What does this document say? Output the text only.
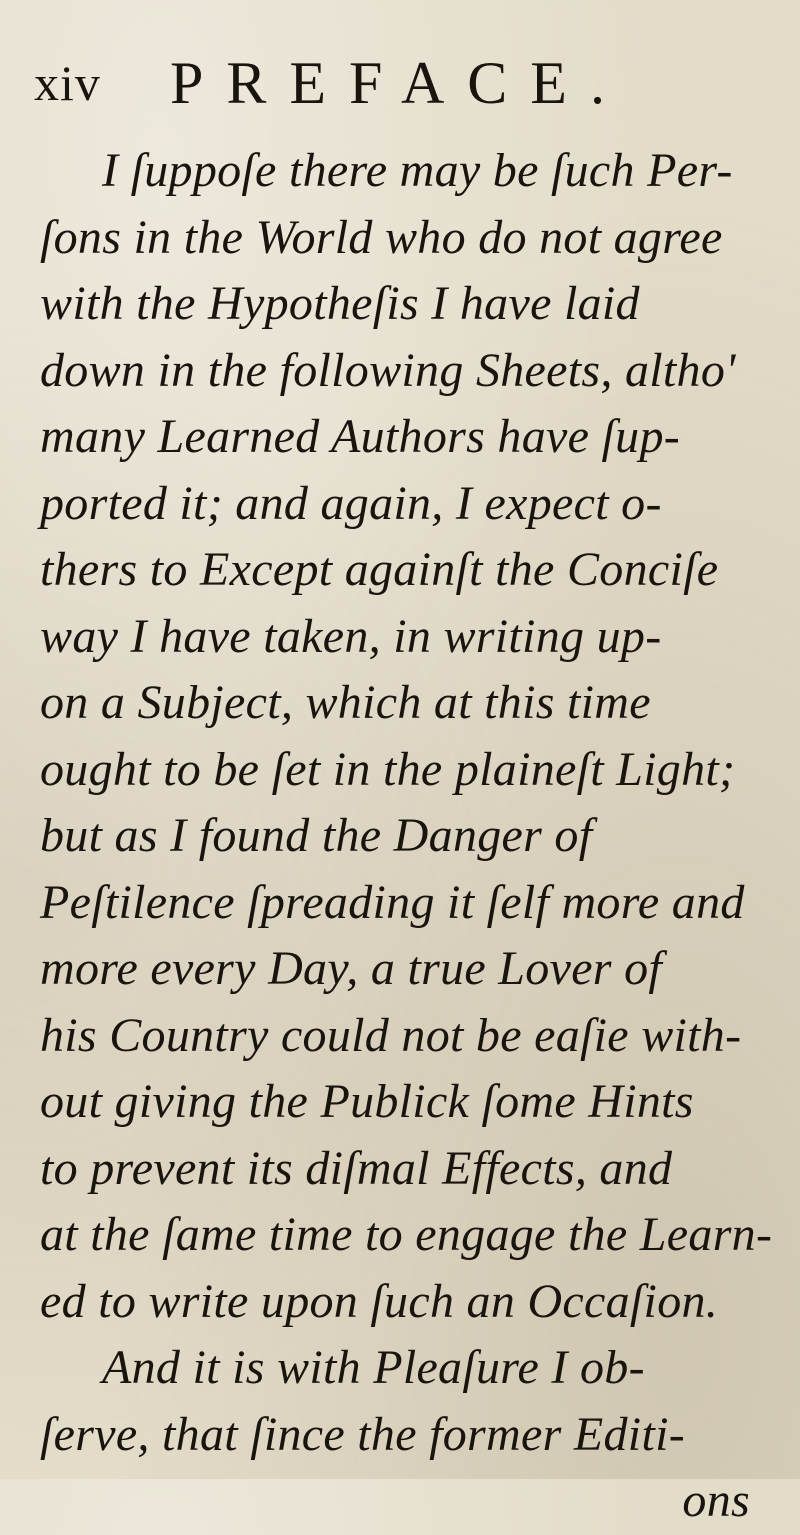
xiv PREFACE.
I ſuppoſe there may be ſuch Per-
ſons in the World who do not agree
with the Hypotheſis I have laid
down in the following Sheets, altho'
many Learned Authors have ſup-
ported it; and again, I expect o-
thers to Except againſt the Conciſe
way I have taken, in writing up-
on a Subject, which at this time
ought to be ſet in the plaineſt Light;
but as I found the Danger of
Peſtilence ſpreading it ſelf more and
more every Day, a true Lover of
his Country could not be eaſie with-
out giving the Publick ſome Hints
to prevent its diſmal Effects, and
at the ſame time to engage the Learn-
ed to write upon ſuch an Occaſion.
And it is with Pleaſure I ob-
ſerve, that ſince the former Editi-
ons
